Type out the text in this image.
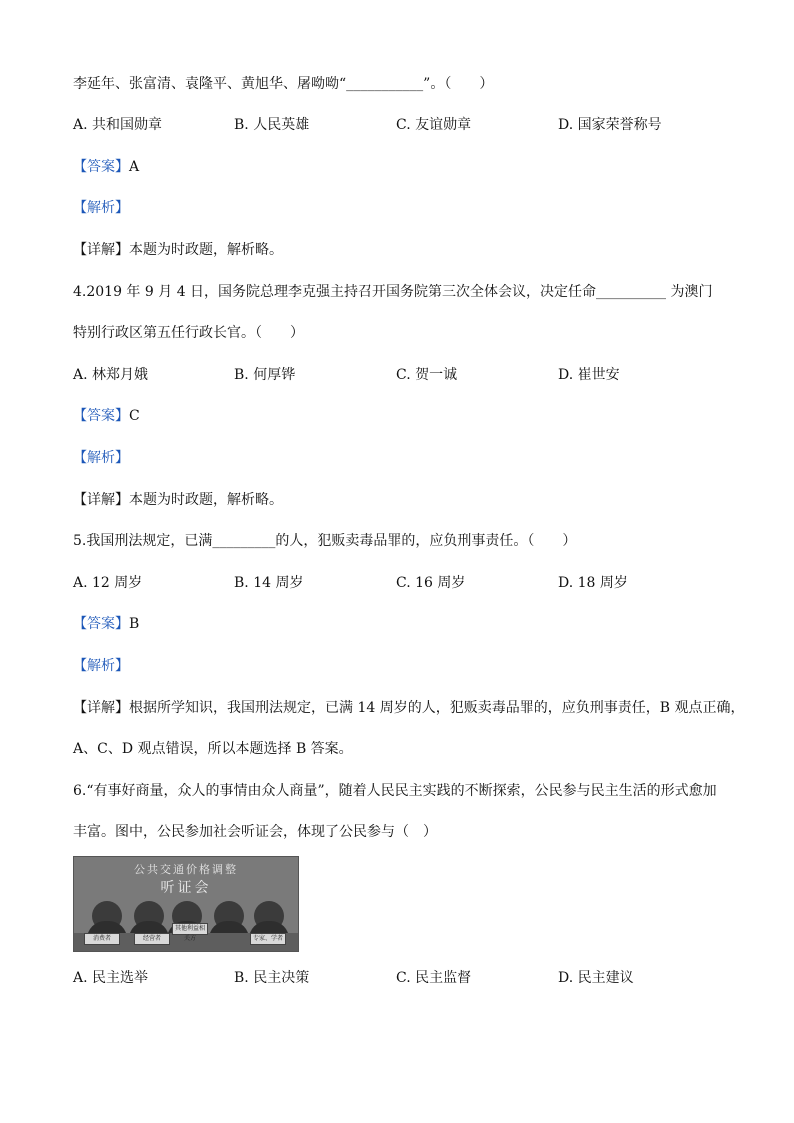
李延年、张富清、袁隆平、黄旭华、屠呦呦“___________”。（　　）
A. 共和国勋章	B. 人民英雄	C. 友谊勋章	D. 国家荣誉称号
【答案】A
【解析】
【详解】本题为时政题，解析略。
4.2019 年 9 月 4 日，国务院总理李克强主持召开国务院第三次全体会议，决定任命__________ 为澳门
特别行政区第五任行政长官。（　　）
A. 林郑月娥	B. 何厚铧	C. 贺一诚	D. 崔世安
【答案】C
【解析】
【详解】本题为时政题，解析略。
5.我国刑法规定，已满_________的人，犯贩卖毒品罪的，应负刑事责任。（　　）
A. 12 周岁	B. 14 周岁	C. 16 周岁	D. 18 周岁
【答案】B
【解析】
【详解】根据所学知识，我国刑法规定，已满 14 周岁的人，犯贩卖毒品罪的，应负刑事责任，B 观点正确，
A、C、D 观点错误，所以本题选择 B 答案。
6.“有事好商量，众人的事情由众人商量”，随着人民民主实践的不断探索，公民参与民主生活的形式愈加
丰富。图中，公民参加社会听证会，体现了公民参与（　）
公共交通价格调整
听证会
消费者	经营者
其他利益相关方	专家、学者
A. 民主选举	B. 民主决策	C. 民主监督	D. 民主建议
